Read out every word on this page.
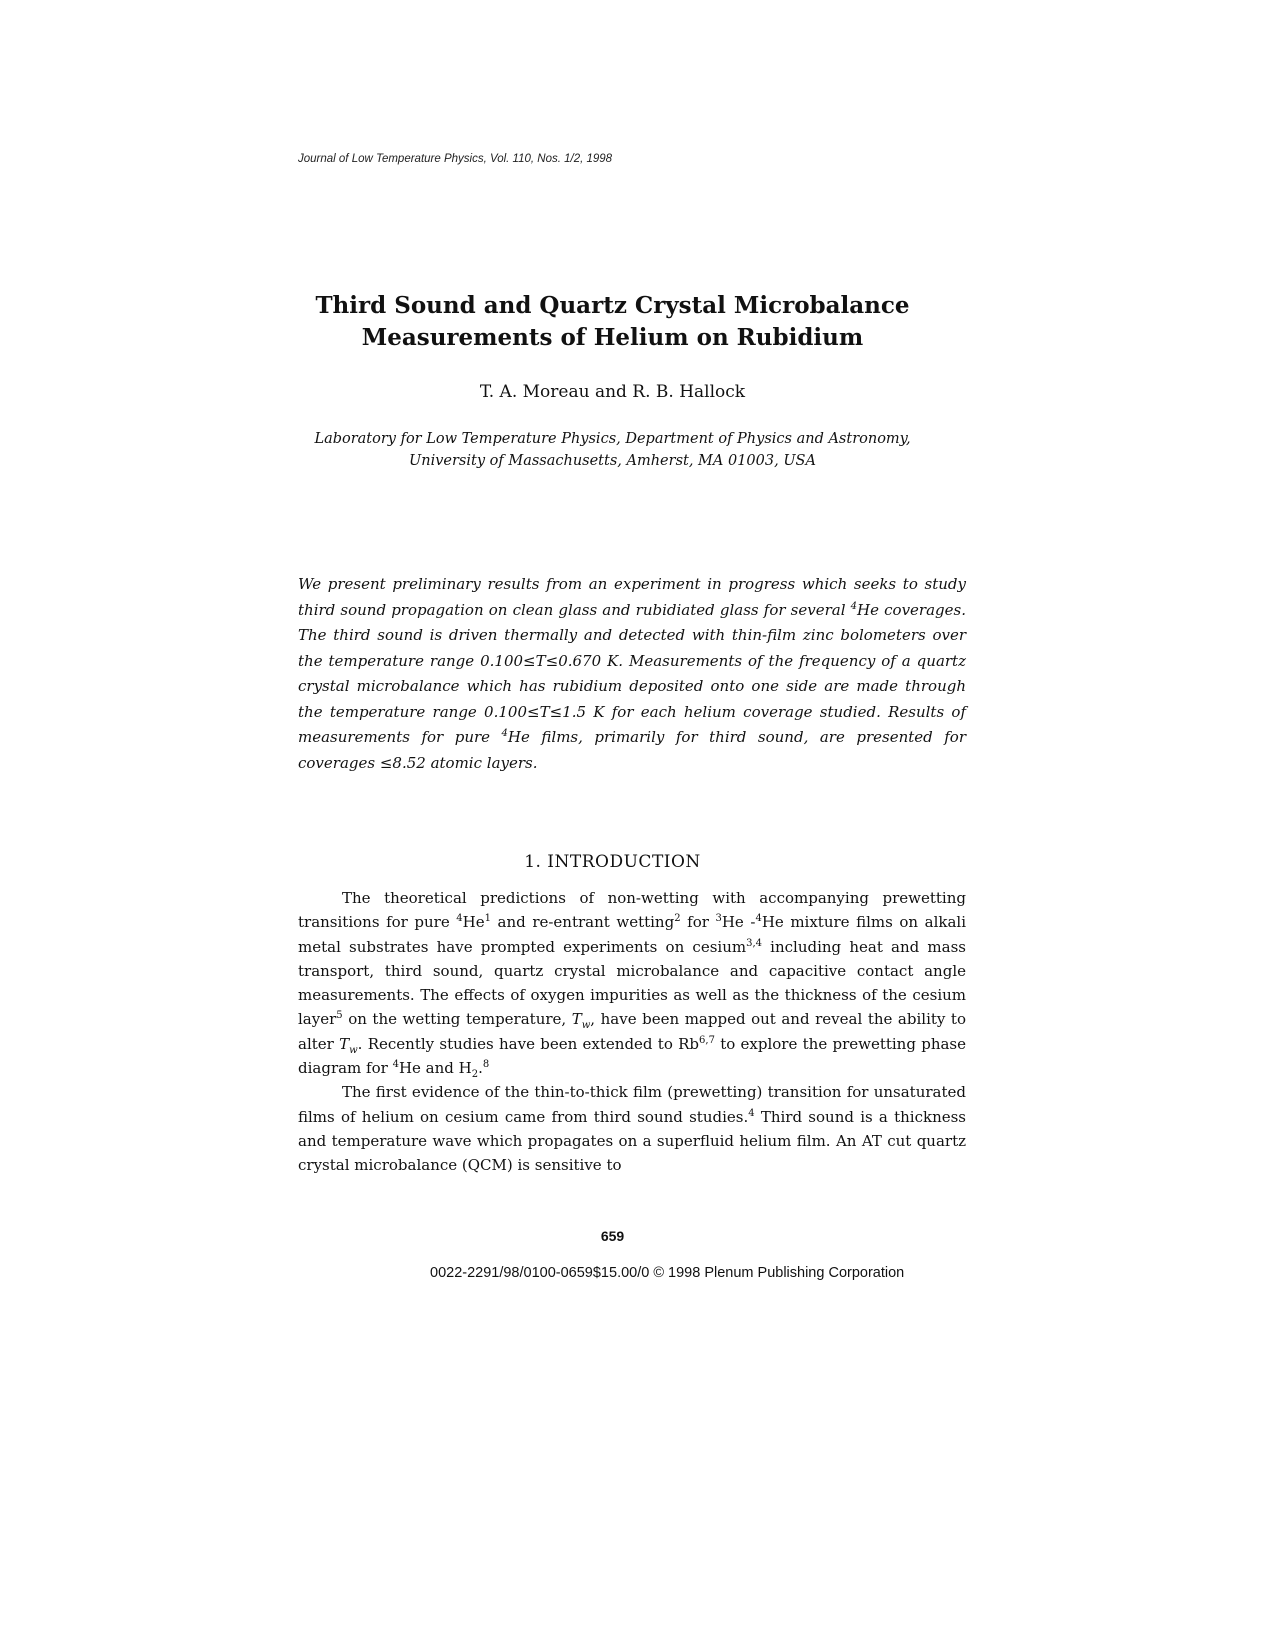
Journal of Low Temperature Physics, Vol. 110, Nos. 1/2, 1998
Third Sound and Quartz Crystal Microbalance
Measurements of Helium on Rubidium
T. A. Moreau and R. B. Hallock
Laboratory for Low Temperature Physics, Department of Physics and Astronomy,
University of Massachusetts, Amherst, MA 01003, USA
We present preliminary results from an experiment in progress which seeks to study third sound propagation on clean glass and rubidiated glass for several $^4$He coverages. The third sound is driven thermally and detected with thin-film zinc bolometers over the temperature range 0.100≤T≤0.670 K. Measurements of the frequency of a quartz crystal microbalance which has rubidium deposited onto one side are made through the temperature range 0.100≤T≤1.5 K for each helium coverage studied. Results of measurements for pure $^4$He films, primarily for third sound, are presented for coverages ≤8.52 atomic layers.
1. INTRODUCTION

The theoretical predictions of non-wetting with accompanying prewetting transitions for pure $^4$He$^1$ and re-entrant wetting$^2$ for $^3$He -$^4$He mixture films on alkali metal substrates have prompted experiments on cesium$^{3,4}$ including heat and mass transport, third sound, quartz crystal microbalance and capacitive contact angle measurements. The effects of oxygen impurities as well as the thickness of the cesium layer$^5$ on the wetting temperature, $T_w$, have been mapped out and reveal the ability to alter $T_w$. Recently studies have been extended to Rb$^{6,7}$ to explore the prewetting phase diagram for $^4$He and $H_2.^8$

The first evidence of the thin-to-thick film (prewetting) transition for unsaturated films of helium on cesium came from third sound studies.$^4$ Third sound is a thickness and temperature wave which propagates on a superfluid helium film. An AT cut quartz crystal microbalance (QCM) is sensitive to

659
0022-2291/98/0100-0659$15.00/0 © 1998 Plenum Publishing Corporation
